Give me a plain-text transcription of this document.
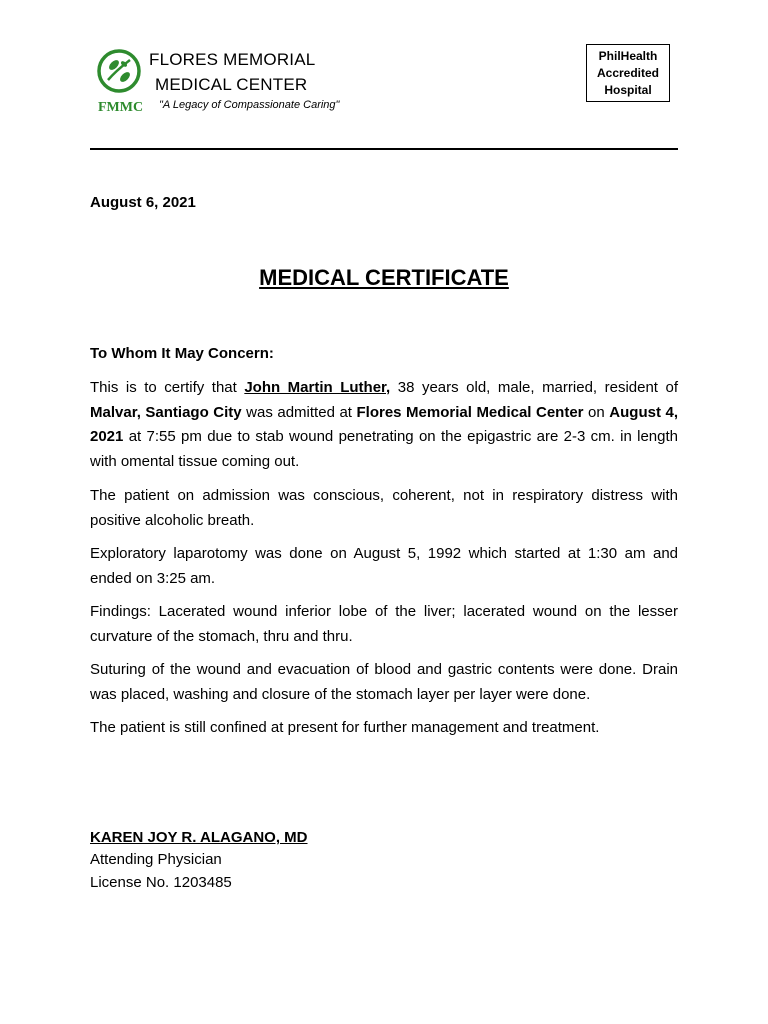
FMMC
FLORES MEMORIAL
MEDICAL CENTER
"A Legacy of Compassionate Caring"
PhilHealth
Accredited
Hospital
August 6, 2021
MEDICAL CERTIFICATE
To Whom It May Concern:

This is to certify that John Martin Luther, 38 years old, male, married, resident of Malvar, Santiago City was admitted at Flores Memorial Medical Center on August 4, 2021 at 7:55 pm due to stab wound penetrating on the epigastric are 2-3 cm. in length with omental tissue coming out.

The patient on admission was conscious, coherent, not in respiratory distress with positive alcoholic breath.

Exploratory laparotomy was done on August 5, 1992 which started at 1:30 am and ended on 3:25 am.

Findings: Lacerated wound inferior lobe of the liver; lacerated wound on the lesser curvature of the stomach, thru and thru.

Suturing of the wound and evacuation of blood and gastric contents were done. Drain was placed, washing and closure of the stomach layer per layer were done.

The patient is still confined at present for further management and treatment.

KAREN JOY R. ALAGANO, MD
Attending Physician
License No. 1203485
